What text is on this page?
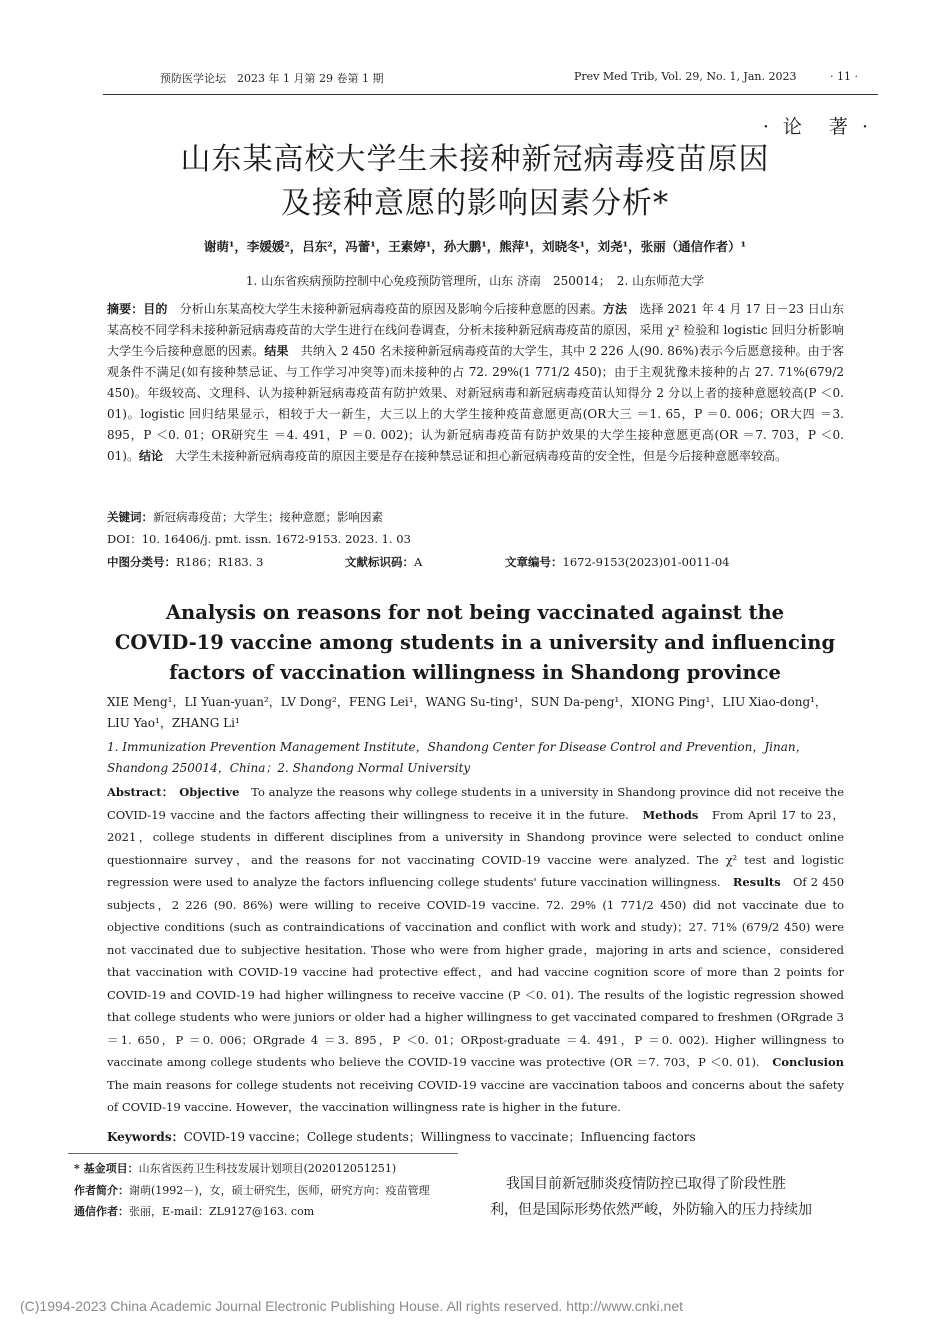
预防医学论坛　2023 年 1 月第 29 卷第 1 期	Prev Med Trib, Vol. 29, No. 1, Jan. 2023	· 11 ·
· 论　著 ·
山东某高校大学生未接种新冠病毒疫苗原因
及接种意愿的影响因素分析*
谢萌¹，李媛媛²，吕东²，冯蕾¹，王素婷¹，孙大鹏¹，熊萍¹，刘晓冬¹，刘尧¹，张丽（通信作者）¹
1. 山东省疾病预防控制中心免疫预防管理所，山东 济南　250014；　2. 山东师范大学

摘要：目的　 分析山东某高校大学生未接种新冠病毒疫苗的原因及影响今后接种意愿的因素。方法　 选择 2021 年 4 月 17 日－23 日山东某高校不同学科未接种新冠病毒疫苗的大学生进行在线问卷调查，分析未接种新冠病毒疫苗的原因，采用 χ² 检验和 logistic 回归分析影响大学生今后接种意愿的因素。结果　 共纳入 2 450 名未接种新冠病毒疫苗的大学生，其中 2 226 人(90. 86%)表示今后愿意接种。由于客观条件不满足(如有接种禁忌证、与工作学习冲突等)而未接种的占 72. 29%(1 771/2 450)；由于主观犹豫未接种的占 27. 71%(679/2 450)。年级较高、文理科、认为接种新冠病毒疫苗有防护效果、对新冠病毒和新冠病毒疫苗认知得分 2 分以上者的接种意愿较高(P ＜0. 01)。logistic 回归结果显示，相较于大一新生，大三以上的大学生接种疫苗意愿更高(OR大三 ＝1. 65，P ＝0. 006；OR大四 ＝3. 895，P ＜0. 01；OR研究生 ＝4. 491，P ＝0. 002)；认为新冠病毒疫苗有防护效果的大学生接种意愿更高(OR ＝7. 703，P ＜0. 01)。结论　 大学生未接种新冠病毒疫苗的原因主要是存在接种禁忌证和担心新冠病毒疫苗的安全性，但是今后接种意愿率较高。

关键词：新冠病毒疫苗；大学生；接种意愿；影响因素
DOI：10. 16406/j. pmt. issn. 1672-9153. 2023. 1. 03
中图分类号：R186；R183. 3	文献标识码：A	文章编号：1672-9153(2023)01-0011-04
Analysis on reasons for not being vaccinated against the
COVID-19 vaccine among students in a university and influencing
factors of vaccination willingness in Shandong province
XIE Meng¹，LI Yuan-yuan²，LV Dong²，FENG Lei¹，WANG Su-ting¹，SUN Da-peng¹，XIONG Ping¹，LIU Xiao-dong¹，LIU Yao¹，ZHANG Li¹
1. Immunization Prevention Management Institute，Shandong Center for Disease Control and Prevention，Jinan，Shandong 250014，China；2. Shandong Normal University

Abstract：　 Objective　 To analyze the reasons why college students in a university in Shandong province did not receive the COVID-19 vaccine and the factors affecting their willingness to receive it in the future.　 Methods　 From April 17 to 23，2021，college students in different disciplines from a university in Shandong province were selected to conduct online questionnaire survey，and the reasons for not vaccinating COVID-19 vaccine were analyzed. The χ² test and logistic regression were used to analyze the factors influencing college students' future vaccination willingness.　 Results　 Of 2 450 subjects，2 226 (90. 86%) were willing to receive COVID-19 vaccine. 72. 29% (1 771/2 450) did not vaccinate due to objective conditions (such as contraindications of vaccination and conflict with work and study)；27. 71% (679/2 450) were not vaccinated due to subjective hesitation. Those who were from higher grade，majoring in arts and science，considered that vaccination with COVID-19 vaccine had protective effect，and had vaccine cognition score of more than 2 points for COVID-19 and COVID-19 had higher willingness to receive vaccine (P ＜0. 01). The results of the logistic regression showed that college students who were juniors or older had a higher willingness to get vaccinated compared to freshmen (ORgrade 3 ＝1. 650，P ＝0. 006；ORgrade 4 ＝3. 895，P ＜0. 01；ORpost-graduate ＝4. 491，P ＝0. 002). Higher willingness to vaccinate among college students who believe the COVID-19 vaccine was protective (OR ＝7. 703，P ＜0. 01).　 Conclusion　The main reasons for college students not receiving COVID-19 vaccine are vaccination taboos and concerns about the safety of COVID-19 vaccine. However，the vaccination willingness rate is higher in the future.

Keywords：COVID-19 vaccine；College students；Willingness to vaccinate；Influencing factors
* 基金项目：山东省医药卫生科技发展计划项目(202012051251)
作者简介：谢萌(1992－)，女，硕士研究生，医师，研究方向：疫苗管理
通信作者：张丽，E-mail：ZL9127@163. com
我国目前新冠肺炎疫情防控已取得了阶段性胜
利，但是国际形势依然严峻，外防输入的压力持续加
(C)1994-2023 China Academic Journal Electronic Publishing House. All rights reserved. http://www.cnki.net
